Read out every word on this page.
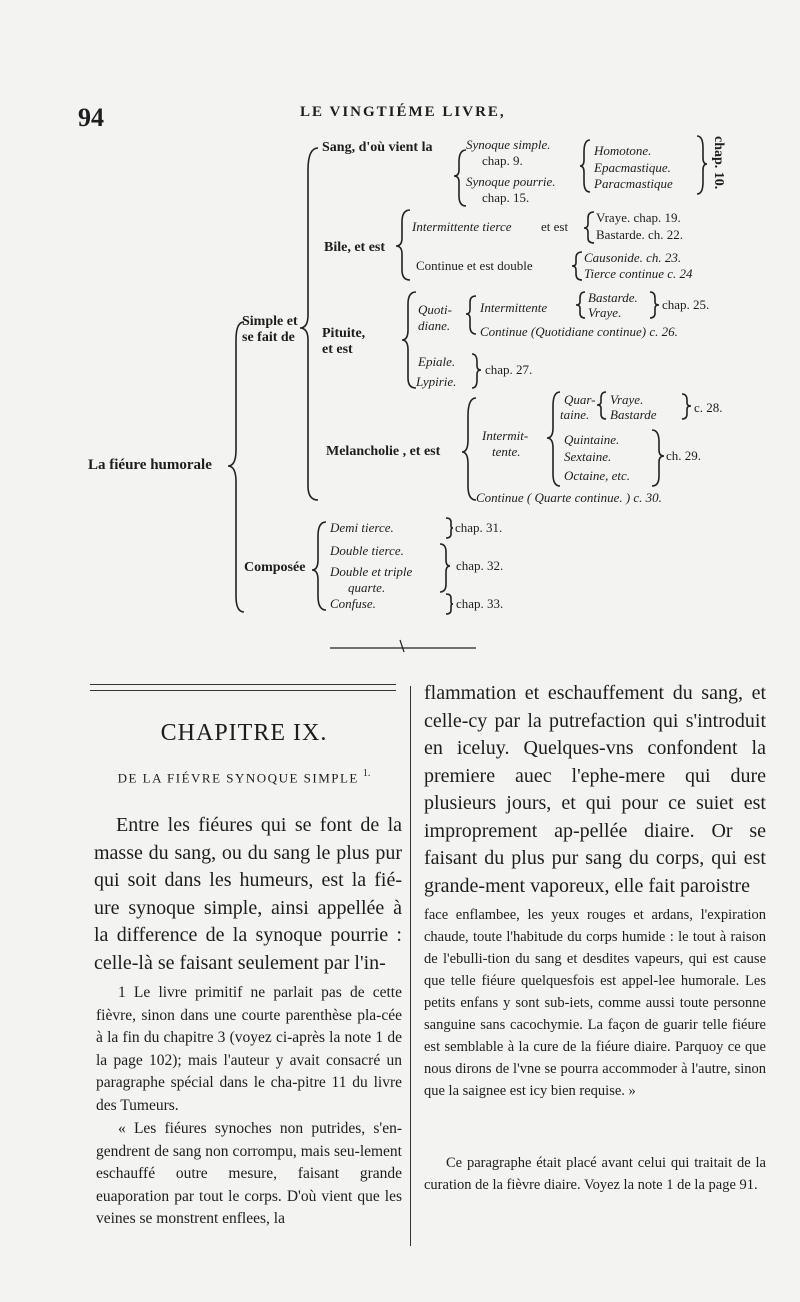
94	LE VINGTIÉME LIVRE,
La fiéure humorale
Simple et
se fait de
Composée
Sang, d'où vient la	Synoque simple.
chap. 9.
Synoque pourrie.
chap. 15.
Homotone.
Epacmastique.
Paracmastique	chap. 10.
Bile, et est
Intermittente tierce et est
Vraye. chap. 19.
Bastarde. ch. 22.
Continue et est double
Causonide. ch. 23.
Tierce continue c. 24
Pituite,
et est
Quoti-
diane.
Intermittente
Bastarde.
Vraye.
chap. 25.
Continue (Quotidiane continue) c. 26.
Epiale.
Lypirie.
chap. 27.
Melancholie , et est
Intermit-
tente.
Quar-
taine.
Vraye.
Bastarde	c. 28.
Quintaine.
Sextaine.
Octaine, etc.
ch. 29.
Continue ( Quarte continue. ) c. 30.
Demi tierce.	chap. 31.
Double tierce.
Double et triple
quarte.
chap. 32.
Confuse.	chap. 33.
CHAPITRE IX.
DE LA FIÉVRE SYNOQUE SIMPLE $^{1.}$
Entre les fiéures qui se font de la masse du sang, ou du sang le plus pur qui soit dans les humeurs, est la fié-ure synoque simple, ainsi appellée à la difference de la synoque pourrie : celle-là se faisant seulement par l'in-
1 Le livre primitif ne parlait pas de cette fièvre, sinon dans une courte parenthèse pla-cée à la fin du chapitre 3 (voyez ci-après la note 1 de la page 102); mais l'auteur y avait consacré un paragraphe spécial dans le cha-pitre 11 du livre des Tumeurs.
« Les fiéures synoches non putrides, s'en-gendrent de sang non corrompu, mais seu-lement eschauffé outre mesure, faisant grande euaporation par tout le corps. D'où vient que les veines se monstrent enflees, la
flammation et eschauffement du sang, et celle-cy par la putrefaction qui s'introduit en iceluy. Quelques-vns confondent la premiere auec l'ephe-mere qui dure plusieurs jours, et qui pour ce suiet est improprement ap-pellée diaire. Or se faisant du plus pur sang du corps, qui est grande-ment vaporeux, elle fait paroistre
face enflambee, les yeux rouges et ardans, l'expiration chaude, toute l'habitude du corps humide : le tout à raison de l'ebulli-tion du sang et desdites vapeurs, qui est cause que telle fiéure quelquesfois est appel-lee humorale. Les petits enfans y sont sub-iets, comme aussi toute personne sanguine sans cacochymie. La façon de guarir telle fiéure est semblable à la cure de la fiéure diaire. Parquoy ce que nous dirons de l'vne se pourra accommoder à l'autre, sinon que la saignee est icy bien requise. »
Ce paragraphe était placé avant celui qui traitait de la curation de la fièvre diaire. Voyez la note 1 de la page 91.
